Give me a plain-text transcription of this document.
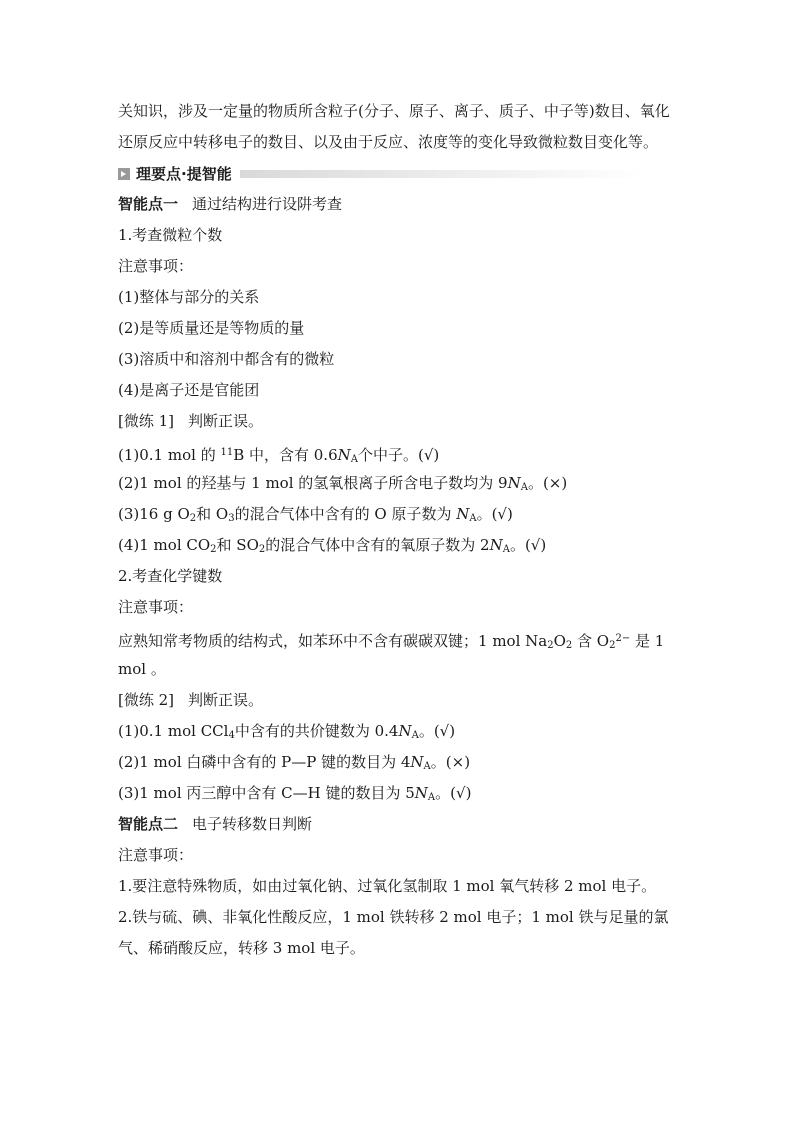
关知识，涉及一定量的物质所含粒子(分子、原子、离子、质子、中子等)数目、氧化还原反应中转移电子的数目、以及由于反应、浓度等的变化导致微粒数目变化等。

理要点·提智能

智能点一 通过结构进行设阱考查

1.考查微粒个数

注意事项：

(1)整体与部分的关系

(2)是等质量还是等物质的量

(3)溶质中和溶剂中都含有的微粒

(4)是离子还是官能团

[微练 1] 判断正误。

(1)0.1 mol 的 $^{11}$B 中，含有 $0.6N_A$个中子。(√)

(2)1 mol 的羟基与 1 mol 的氢氧根离子所含电子数均为 $9N_A$。(×)

(3)16 g $O_2$和 $O_3$的混合气体中含有的 O 原子数为 $N_A$。(√)

(4)1 mol $CO_2$和 $SO_2$的混合气体中含有的氧原子数为 $2N_A$。(√)

2.考查化学键数

注意事项：

应熟知常考物质的结构式，如苯环中不含有碳碳双键；1 mol $Na_2O_2$ 含 $O_2^{2-}$ 是 1

mol 。

[微练 2] 判断正误。

(1)0.1 mol CCl$_4$中含有的共价键数为 $0.4N_A$。(√)

(2)1 mol 白磷中含有的 P—P 键的数目为 $4N_A$。(×)

(3)1 mol 丙三醇中含有 C—H 键的数目为 $5N_A$。(√)

智能点二 电子转移数日判断

注意事项：

1.要注意特殊物质，如由过氧化钠、过氧化氢制取 1 mol 氧气转移 2 mol 电子。

2.铁与硫、碘、非氧化性酸反应，1 mol 铁转移 2 mol 电子；1 mol 铁与足量的氯气、稀硝酸反应，转移 3 mol 电子。
